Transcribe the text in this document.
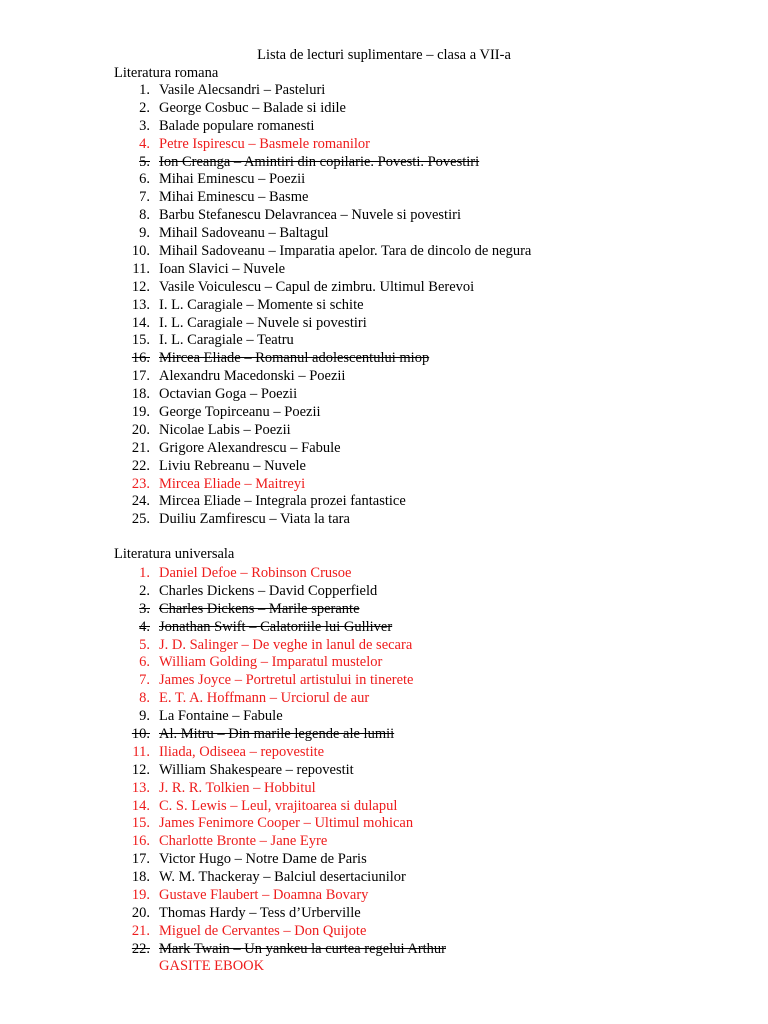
Lista de lecturi suplimentare – clasa a VII-a
Literatura romana
1. Vasile Alecsandri – Pasteluri
2. George Cosbuc – Balade si idile
3. Balade populare romanesti
4. Petre Ispirescu – Basmele romanilor
5. Ion Creanga – Amintiri din copilarie. Povesti. Povestiri
6. Mihai Eminescu – Poezii
7. Mihai Eminescu – Basme
8. Barbu Stefanescu Delavrancea – Nuvele si povestiri
9. Mihail Sadoveanu – Baltagul
10. Mihail Sadoveanu – Imparatia apelor. Tara de dincolo de negura
11. Ioan Slavici – Nuvele
12. Vasile Voiculescu – Capul de zimbru. Ultimul Berevoi
13. I. L. Caragiale – Momente si schite
14. I. L. Caragiale – Nuvele si povestiri
15. I. L. Caragiale – Teatru
16. Mircea Eliade – Romanul adolescentului miop
17. Alexandru Macedonski – Poezii
18. Octavian Goga – Poezii
19. George Topirceanu – Poezii
20. Nicolae Labis – Poezii
21. Grigore Alexandrescu – Fabule
22. Liviu Rebreanu – Nuvele
23. Mircea Eliade – Maitreyi
24. Mircea Eliade – Integrala prozei fantastice
25. Duiliu Zamfirescu – Viata la tara
Literatura universala
1. Daniel Defoe – Robinson Crusoe
2. Charles Dickens – David Copperfield
3. Charles Dickens – Marile sperante
4. Jonathan Swift – Calatoriile lui Gulliver
5. J. D. Salinger – De veghe in lanul de secara
6. William Golding – Imparatul mustelor
7. James Joyce – Portretul artistului in tinerete
8. E. T. A. Hoffmann – Urciorul de aur
9. La Fontaine – Fabule
10. Al. Mitru – Din marile legende ale lumii
11. Iliada, Odiseea – repovestite
12. William Shakespeare – repovestit
13. J. R. R. Tolkien – Hobbitul
14. C. S. Lewis – Leul, vrajitoarea si dulapul
15. James Fenimore Cooper – Ultimul mohican
16. Charlotte Bronte – Jane Eyre
17. Victor Hugo – Notre Dame de Paris
18. W. M. Thackeray – Balciul desertaciunilor
19. Gustave Flaubert – Doamna Bovary
20. Thomas Hardy – Tess d’Urberville
21. Miguel de Cervantes – Don Quijote
22. Mark Twain – Un yankeu la curtea regelui Arthur
GASITE EBOOK
